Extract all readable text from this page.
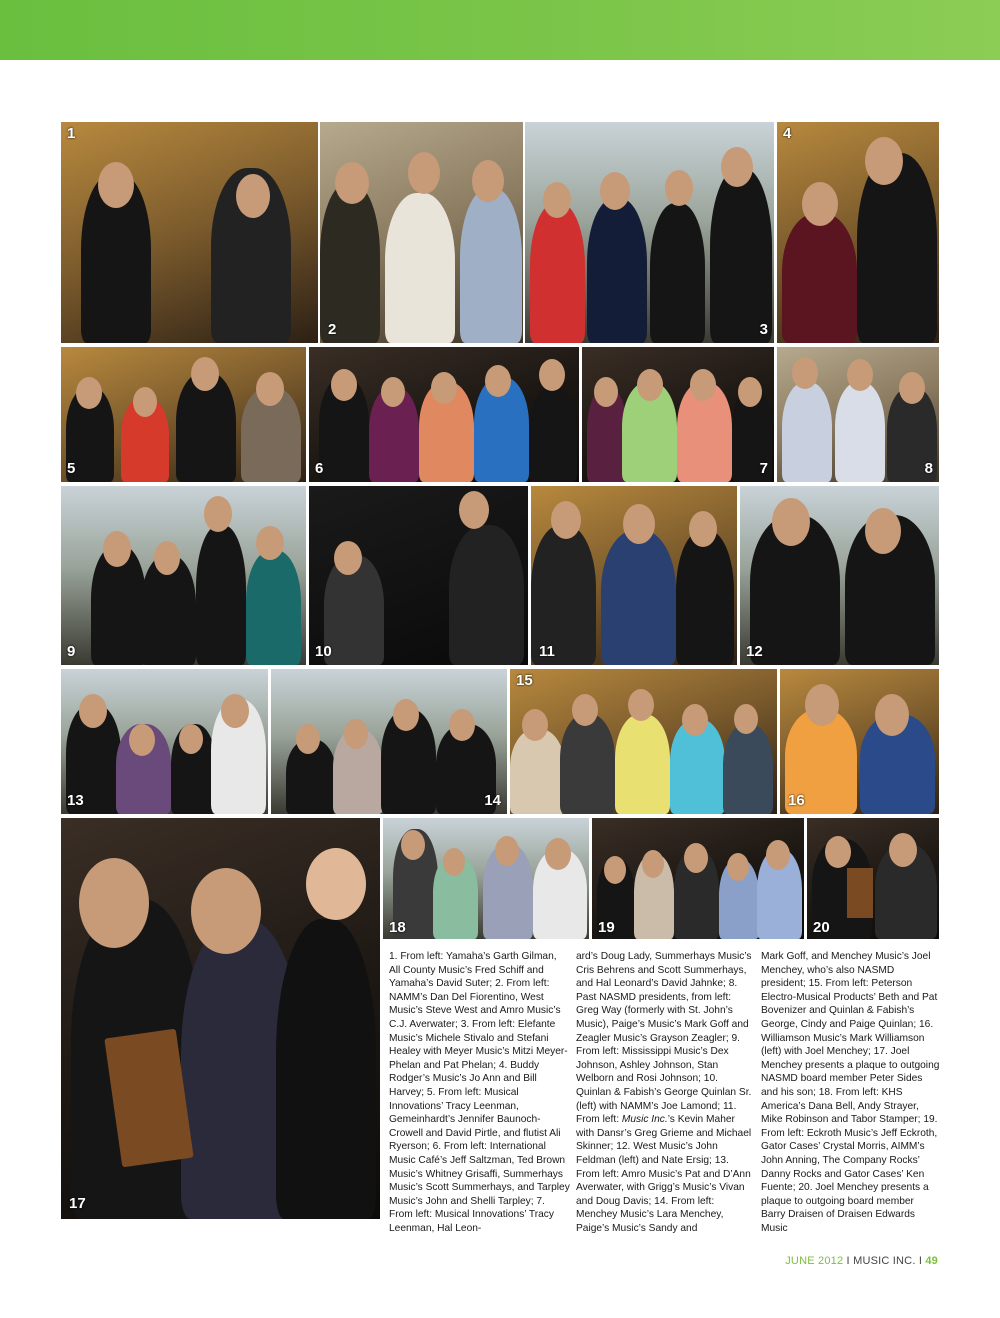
1
2	3
4
5	6	7	8
9	10	11	12
13	14
15
16
17
18	19	20
1. From left: Yamaha’s Garth Gilman, All County Music’s Fred Schiff and Yamaha’s David Suter; 2. From left: NAMM’s Dan Del Fiorentino, West Music’s Steve West and Amro Music’s C.J. Averwater; 3. From left: Elefante Music’s Michele Stivalo and Stefani Healey with Meyer Music’s Mitzi Meyer-Phelan and Pat Phelan; 4. Buddy Rodger’s Music’s Jo Ann and Bill Harvey; 5. From left: Musical Innovations’ Tracy Leenman, Gemeinhardt’s Jennifer Baunoch-Crowell and David Pirtle, and flutist Ali Ryerson; 6. From left: International Music Café’s Jeff Saltzman, Ted Brown Music’s Whitney Grisaffi, Summerhays Music’s Scott Summerhays, and Tarpley Music’s John and Shelli Tarpley; 7. From left: Musical Innovations’ Tracy Leenman, Hal Leon-
ard’s Doug Lady, Summerhays Music’s Cris Behrens and Scott Summerhays, and Hal Leonard’s David Jahnke; 8. Past NASMD presidents, from left: Greg Way (formerly with St. John’s Music), Paige’s Music’s Mark Goff and Zeagler Music’s Grayson Zeagler; 9. From left: Mississippi Music’s Dex Johnson, Ashley Johnson, Stan Welborn and Rosi Johnson; 10. Quinlan & Fabish’s George Quinlan Sr. (left) with NAMM’s Joe Lamond; 11. From left: Music Inc.’s Kevin Maher with Dansr’s Greg Grieme and Michael Skinner; 12. West Music’s John Feldman (left) and Nate Ersig; 13. From left: Amro Music’s Pat and D’Ann Averwater, with Grigg’s Music’s Vivan and Doug Davis; 14. From left: Menchey Music’s Lara Menchey, Paige’s Music’s Sandy and
Mark Goff, and Menchey Music’s Joel Menchey, who’s also NASMD president; 15. From left: Peterson Electro-Musical Products’ Beth and Pat Bovenizer and Quinlan & Fabish’s George, Cindy and Paige Quinlan; 16. Williamson Music’s Mark Williamson (left) with Joel Menchey; 17. Joel Menchey presents a plaque to outgoing NASMD board member Peter Sides and his son; 18. From left: KHS America’s Dana Bell, Andy Strayer, Mike Robinson and Tabor Stamper; 19. From left: Eckroth Music’s Jeff Eckroth, Gator Cases’ Crystal Morris, AIMM’s John Anning, The Company Rocks’ Danny Rocks and Gator Cases’ Ken Fuente; 20. Joel Menchey presents a plaque to outgoing board member Barry Draisen of Draisen Edwards Music
JUNE 2012 I MUSIC INC. I 49
